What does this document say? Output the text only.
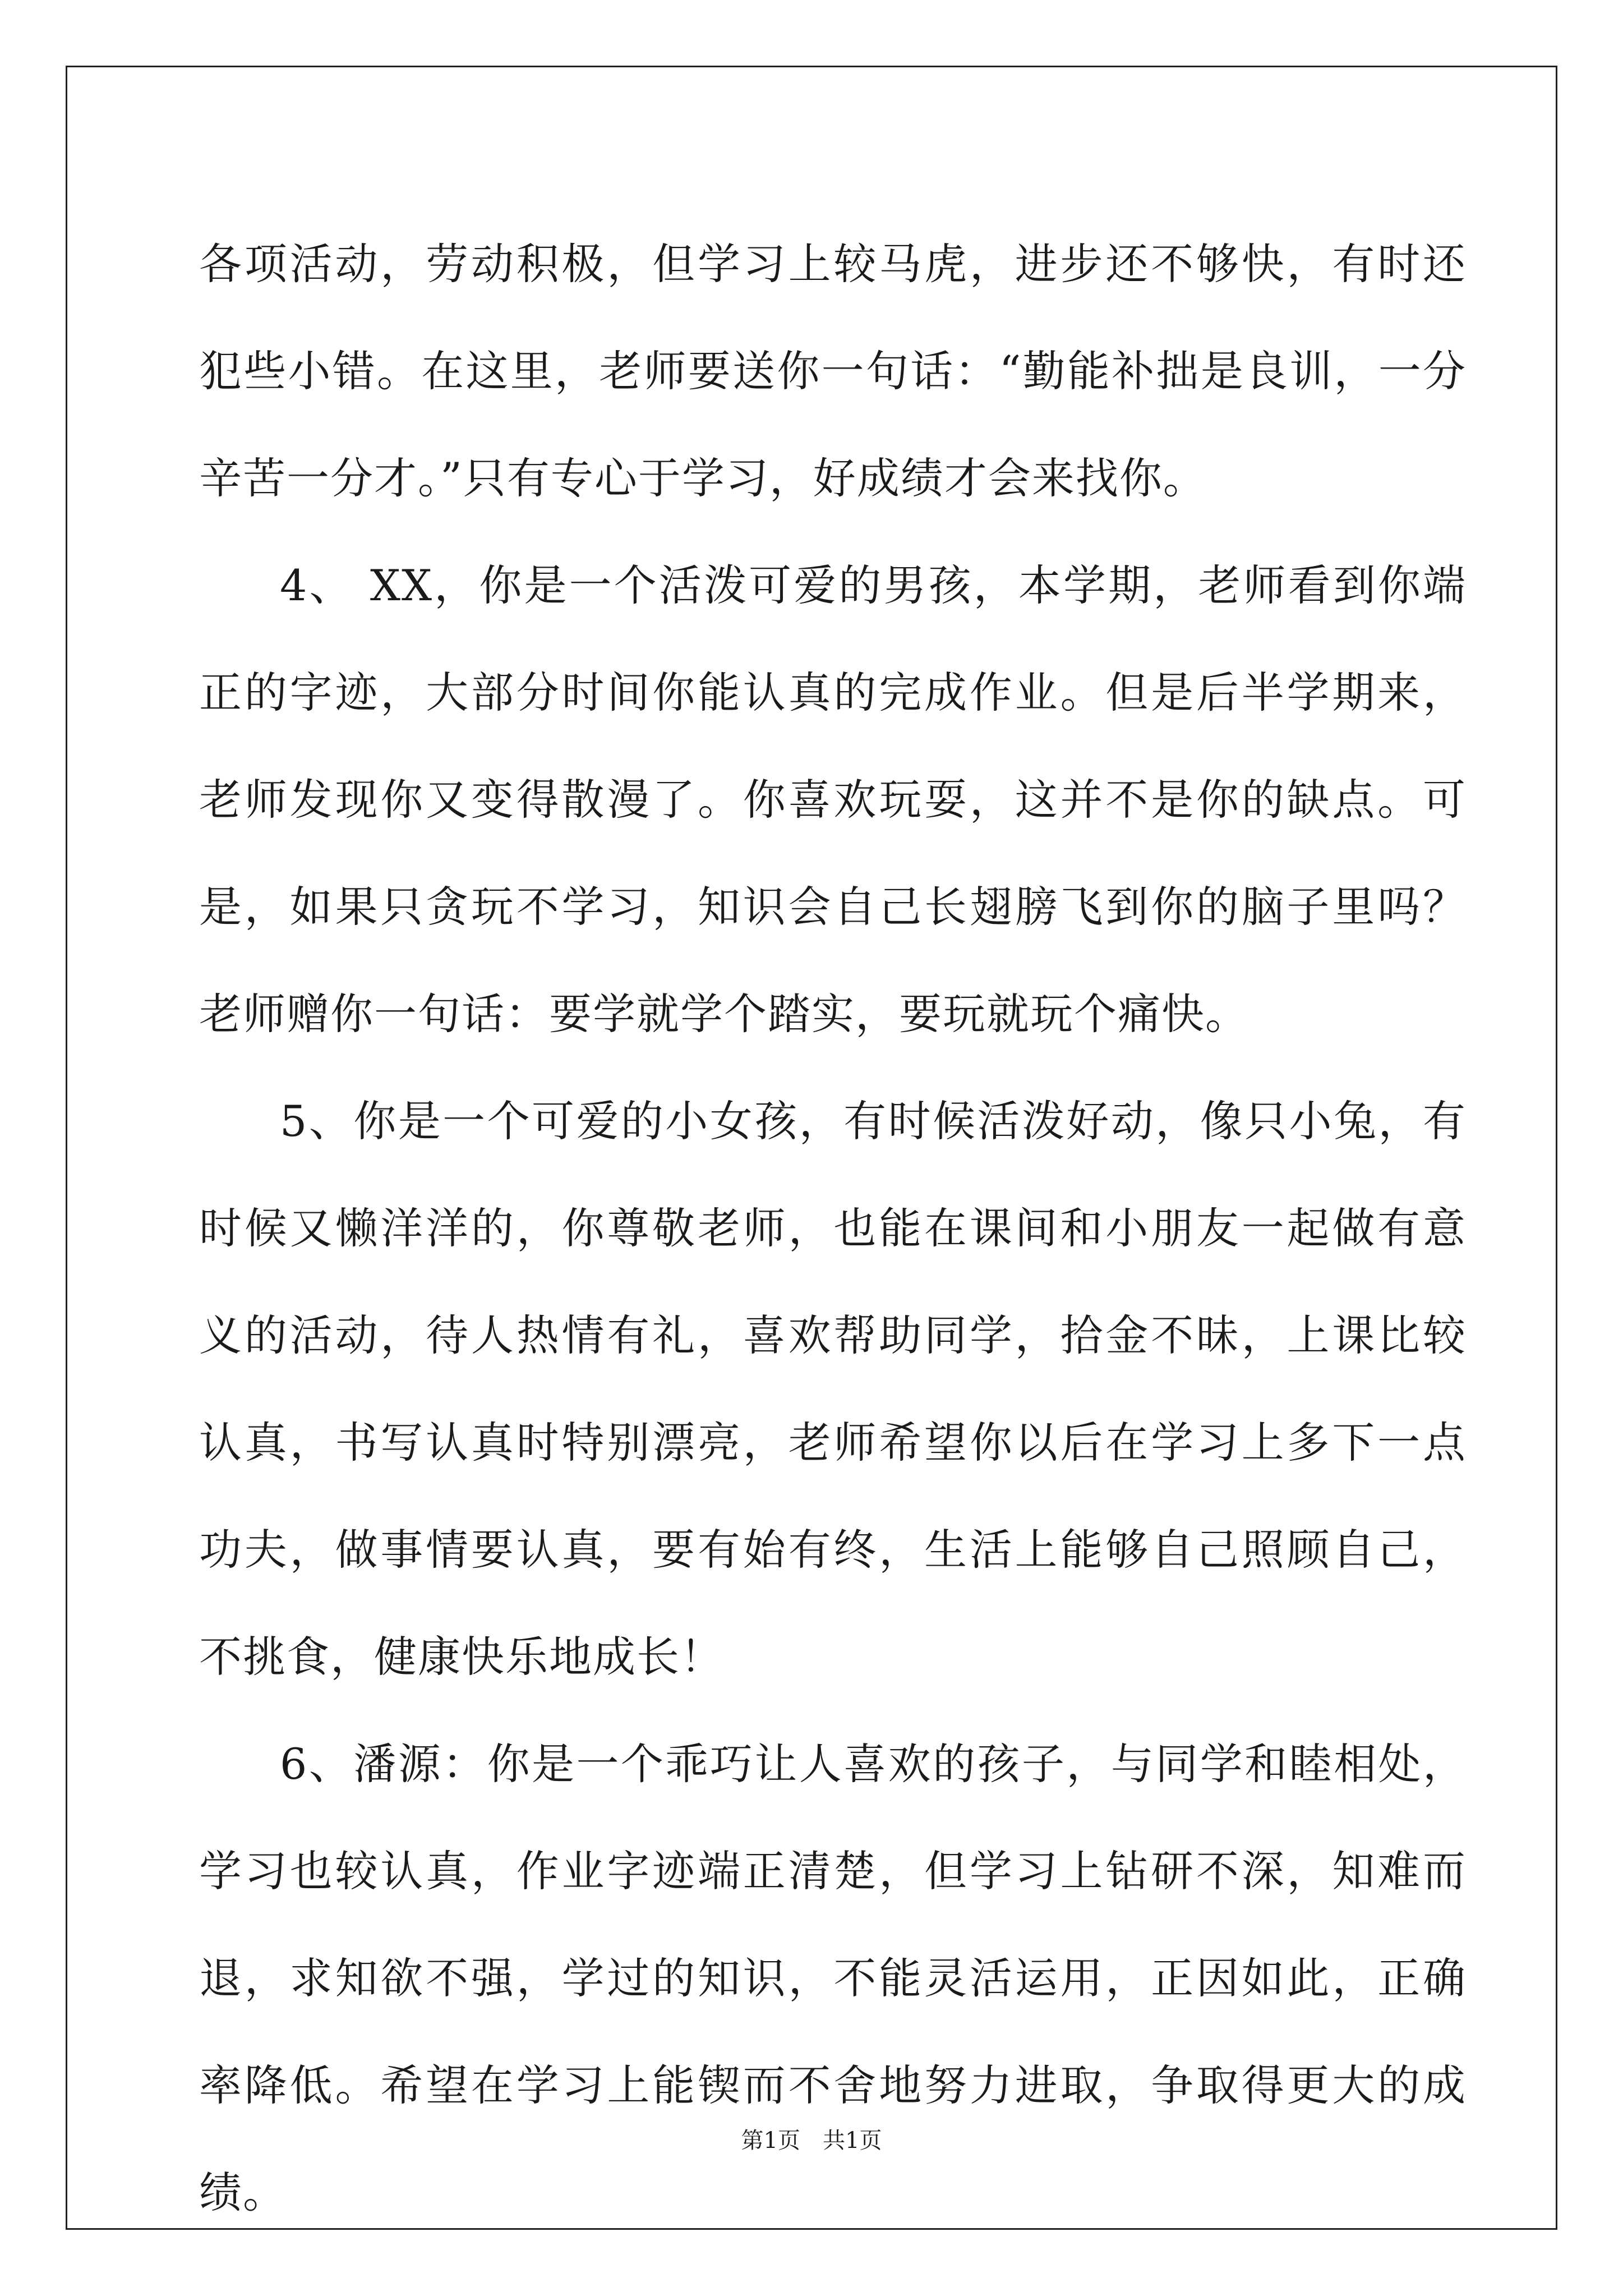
各项活动，劳动积极，但学习上较马虎，进步还不够快，有时还犯些小错。在这里，老师要送你一句话：“勤能补拙是良训，一分辛苦一分才。”只有专心于学习，好成绩才会来找你。

4、 XX，你是一个活泼可爱的男孩，本学期，老师看到你端正的字迹，大部分时间你能认真的完成作业。但是后半学期来，老师发现你又变得散漫了。你喜欢玩耍，这并不是你的缺点。可是，如果只贪玩不学习，知识会自己长翅膀飞到你的脑子里吗？老师赠你一句话：要学就学个踏实，要玩就玩个痛快。

5、你是一个可爱的小女孩，有时候活泼好动，像只小兔，有时候又懒洋洋的，你尊敬老师，也能在课间和小朋友一起做有意义的活动，待人热情有礼，喜欢帮助同学，拾金不昧，上课比较认真，书写认真时特别漂亮，老师希望你以后在学习上多下一点功夫，做事情要认真，要有始有终，生活上能够自己照顾自己，不挑食，健康快乐地成长！

6、潘源：你是一个乖巧让人喜欢的孩子，与同学和睦相处，学习也较认真，作业字迹端正清楚，但学习上钻研不深，知难而退，求知欲不强，学过的知识，不能灵活运用，正因如此，正确率降低。希望在学习上能锲而不舍地努力进取，争取得更大的成绩。

第1页　共1页
